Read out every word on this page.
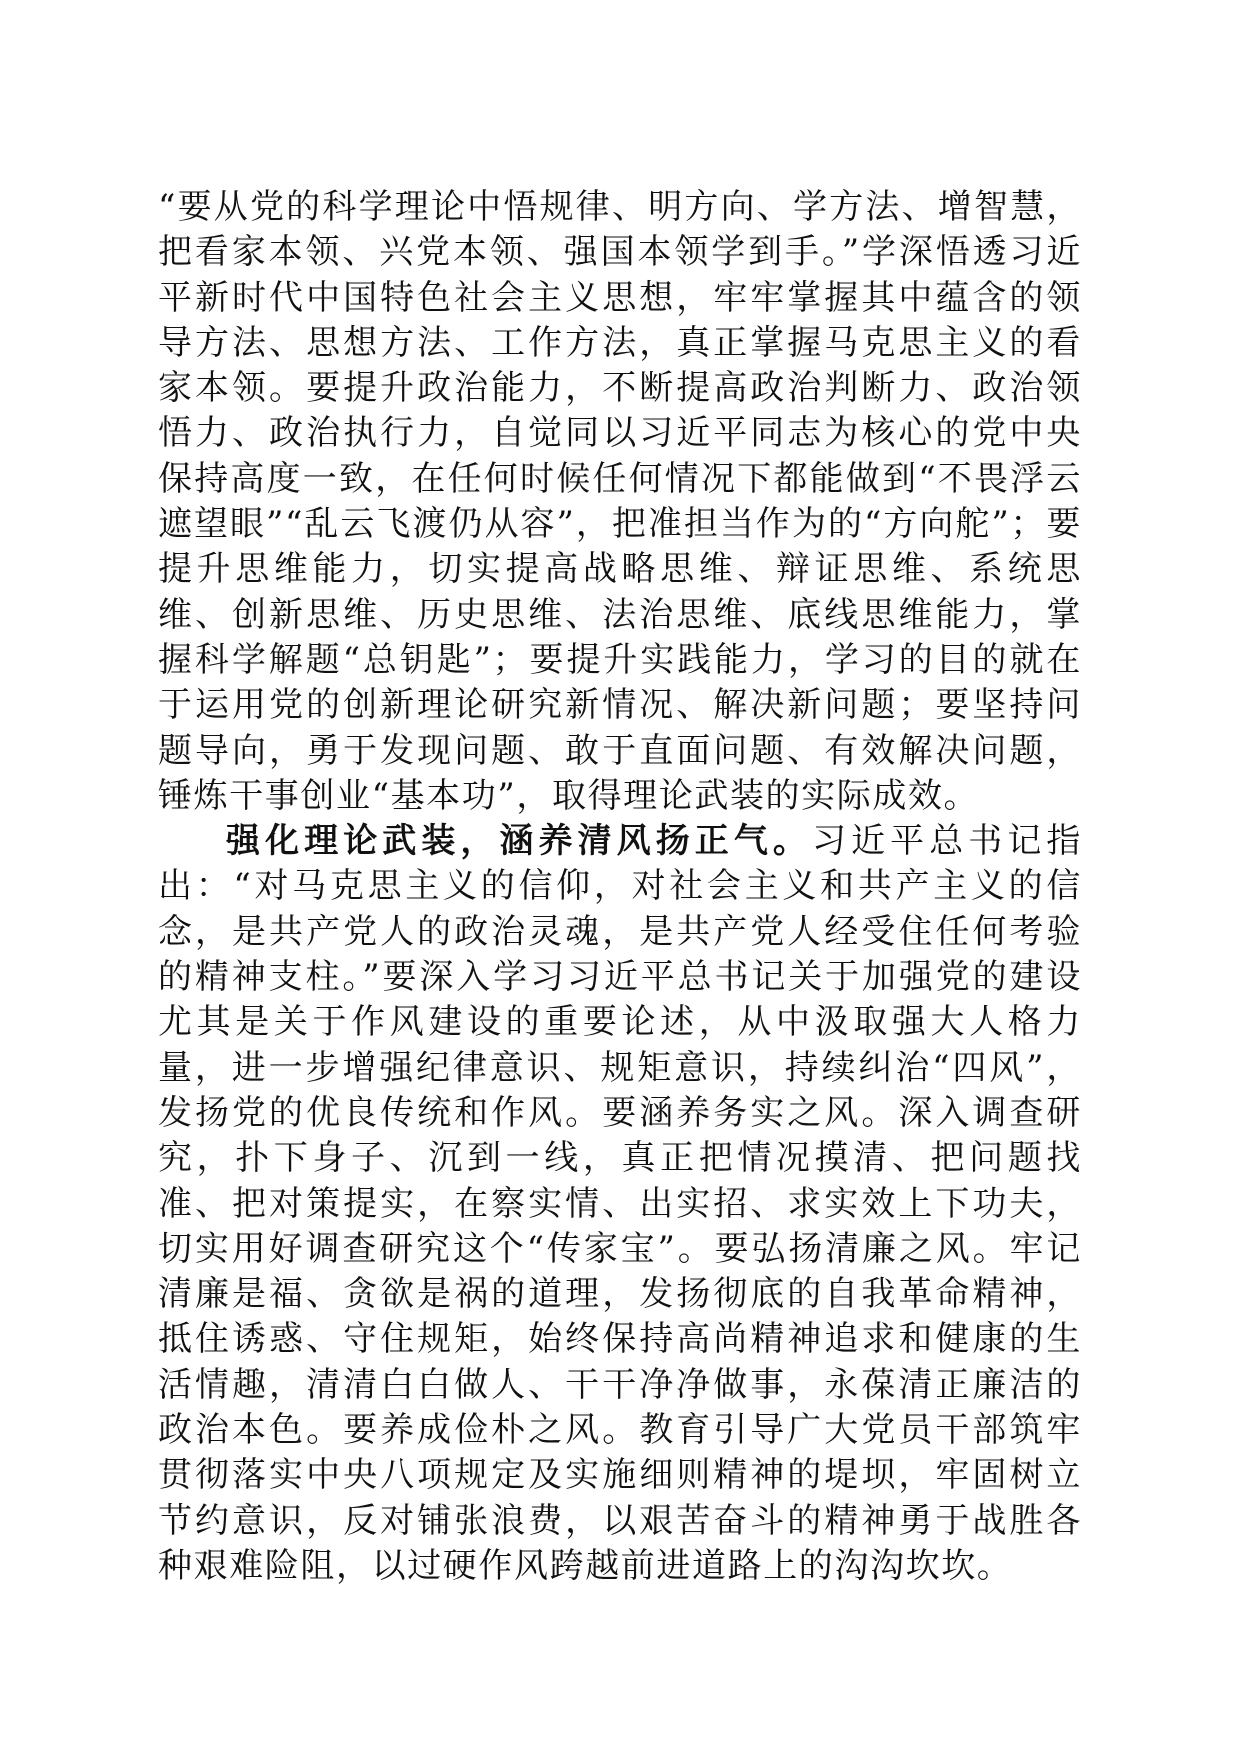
“要从党的科学理论中悟规律、明方向、学方法、增智慧，把看家本领、兴党本领、强国本领学到手。”学深悟透习近平新时代中国特色社会主义思想，牢牢掌握其中蕴含的领导方法、思想方法、工作方法，真正掌握马克思主义的看家本领。要提升政治能力，不断提高政治判断力、政治领悟力、政治执行力，自觉同以习近平同志为核心的党中央保持高度一致，在任何时候任何情况下都能做到“不畏浮云遮望眼”“乱云飞渡仍从容”，把准担当作为的“方向舵”；要提升思维能力，切实提高战略思维、辩证思维、系统思维、创新思维、历史思维、法治思维、底线思维能力，掌握科学解题“总钥匙”；要提升实践能力，学习的目的就在于运用党的创新理论研究新情况、解决新问题；要坚持问题导向，勇于发现问题、敢于直面问题、有效解决问题，锤炼干事创业“基本功”，取得理论武装的实际成效。

强化理论武装，涵养清风扬正气。习近平总书记指出：“对马克思主义的信仰，对社会主义和共产主义的信念，是共产党人的政治灵魂，是共产党人经受住任何考验的精神支柱。”要深入学习习近平总书记关于加强党的建设尤其是关于作风建设的重要论述，从中汲取强大人格力量，进一步增强纪律意识、规矩意识，持续纠治“四风”，发扬党的优良传统和作风。要涵养务实之风。深入调查研究，扑下身子、沉到一线，真正把情况摸清、把问题找准、把对策提实，在察实情、出实招、求实效上下功夫，切实用好调查研究这个“传家宝”。要弘扬清廉之风。牢记清廉是福、贪欲是祸的道理，发扬彻底的自我革命精神，抵住诱惑、守住规矩，始终保持高尚精神追求和健康的生活情趣，清清白白做人、干干净净做事，永葆清正廉洁的政治本色。要养成俭朴之风。教育引导广大党员干部筑牢贯彻落实中央八项规定及实施细则精神的堤坝，牢固树立节约意识，反对铺张浪费，以艰苦奋斗的精神勇于战胜各种艰难险阻，以过硬作风跨越前进道路上的沟沟坎坎。
